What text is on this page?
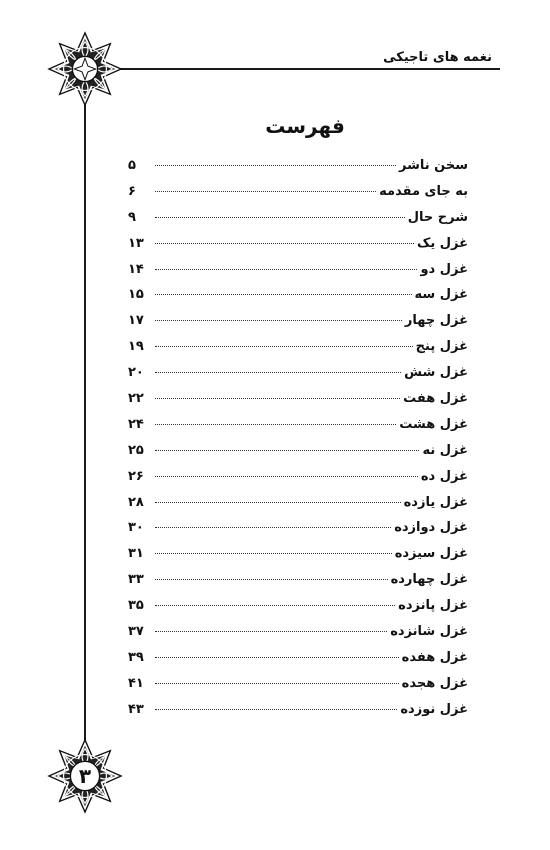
۳
نغمه های تاجیکی
فهرست
سخن ناشر
۵
به جای مقدمه
۶
شرح حال
۹
غزل یک
۱۳
غزل دو
۱۴
غزل سه
۱۵
غزل چهار
۱۷
غزل پنج
۱۹
غزل شش
۲۰
غزل هفت
۲۲
غزل هشت
۲۴
غزل نه
۲۵
غزل ده
۲۶
غزل یازده
۲۸
غزل دوازده
۳۰
غزل سیزده
۳۱
غزل چهارده
۳۳
غزل پانزده
۳۵
غزل شانزده
۳۷
غزل هفده
۳۹
غزل هجده
۴۱
غزل نوزده
۴۳
